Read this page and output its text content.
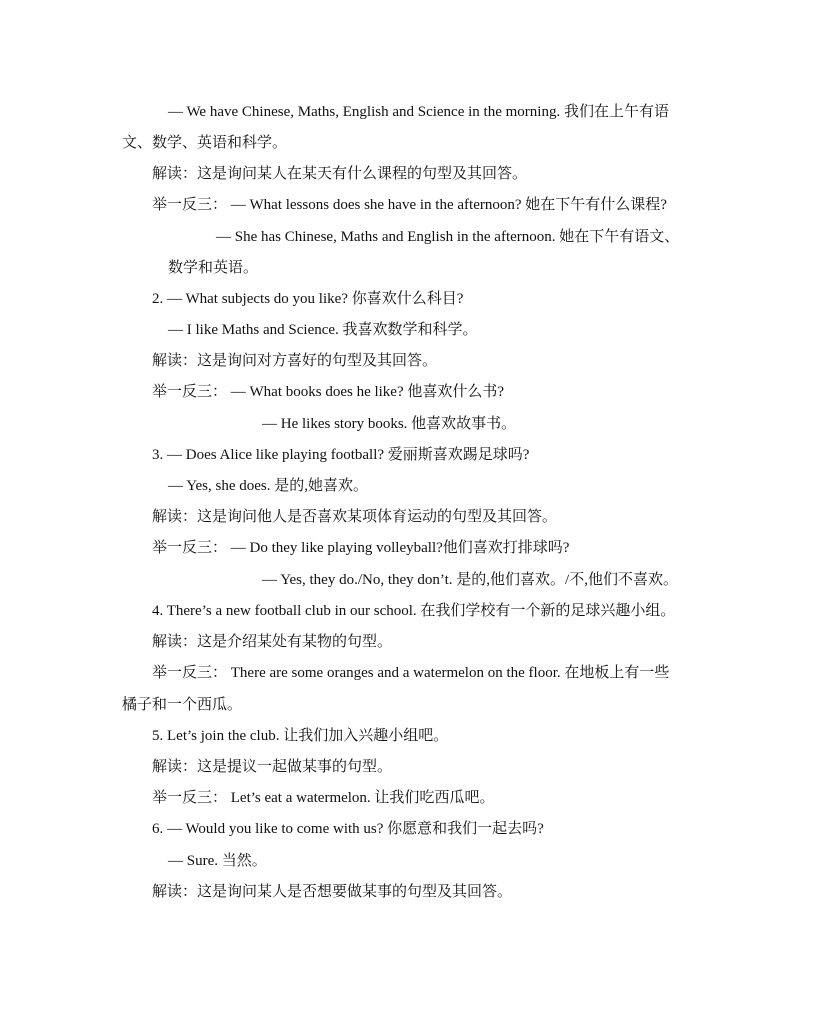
— We have Chinese, Maths, English and Science in the morning. 我们在上午有语
文、数学、英语和科学。
解读：这是询问某人在某天有什么课程的句型及其回答。
举一反三： — What lessons does she have in the afternoon? 她在下午有什么课程?
— She has Chinese, Maths and English in the afternoon. 她在下午有语文、
数学和英语。
2. — What subjects do you like? 你喜欢什么科目?
— I like Maths and Science. 我喜欢数学和科学。
解读：这是询问对方喜好的句型及其回答。
举一反三： — What books does he like? 他喜欢什么书?
— He likes story books. 他喜欢故事书。
3. — Does Alice like playing football? 爱丽斯喜欢踢足球吗?
— Yes, she does. 是的,她喜欢。
解读：这是询问他人是否喜欢某项体育运动的句型及其回答。
举一反三： — Do they like playing volleyball?他们喜欢打排球吗?
— Yes, they do./No, they don’t. 是的,他们喜欢。/不,他们不喜欢。
4. There’s a new football club in our school. 在我们学校有一个新的足球兴趣小组。
解读：这是介绍某处有某物的句型。
举一反三： There are some oranges and a watermelon on the floor. 在地板上有一些
橘子和一个西瓜。
5. Let’s join the club. 让我们加入兴趣小组吧。
解读：这是提议一起做某事的句型。
举一反三： Let’s eat a watermelon. 让我们吃西瓜吧。
6. — Would you like to come with us? 你愿意和我们一起去吗?
— Sure. 当然。
解读：这是询问某人是否想要做某事的句型及其回答。
